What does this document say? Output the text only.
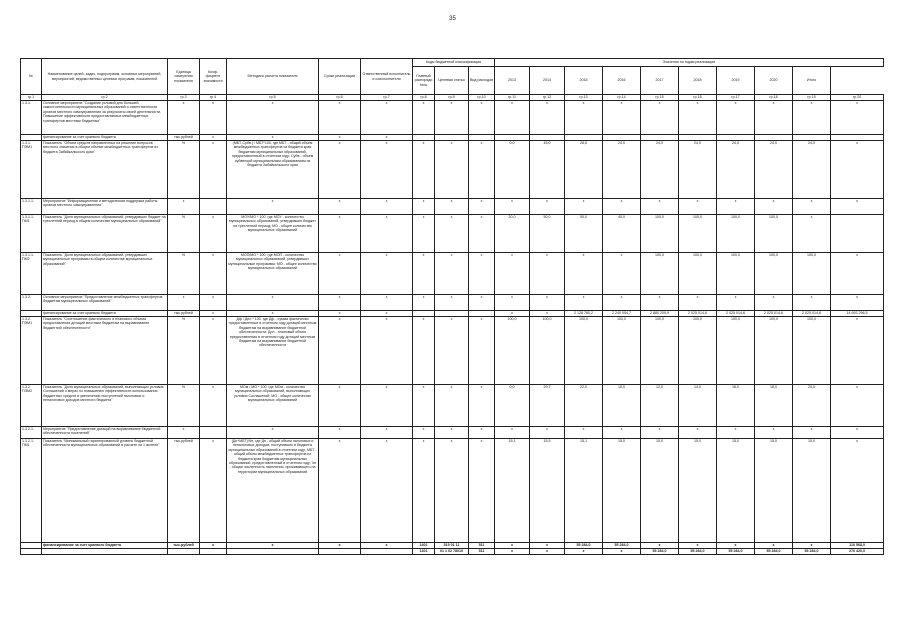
35
№	Наименование целей, задач, подпрограмм, основных мероприятий, мероприятий, ведомственных целевых программ, показателей	Единица измерения показателя	Коэф-фициент значимости	Методика расчета показателя	Сроки реализации	Ответственный исполнитель и соисполнители	Коды бюджетной классификации			Значения по годам реализации									
							Главный распорядитель	Целевая статья	Вид расходов	2013	2014	2015	2016	2017	2018	2019	2020	Итого	
гр.1	гр.2	гр.3	гр.4	гр.5	гр.6	гр.7	гр.8	гр.9	гр.10	гр.11	гр.12	гр.13	гр.14	гр.15	гр.16	гр.17	гр.18	гр.19	гр.20
1.3.1.	Основное мероприятие "Создание условий для большей самостоятельности муниципальных образований и ответственности органов местного самоуправления за результаты своей деятельности. Повышение эффективности предоставляемых межбюджетных трансфертов местным бюджетам"	х	х	х	х	х	х	х	х	х	х	х	х	х	х	х	х	х	х
	финансирование за счет краевого бюджета	тыс.рублей	х	х	х	х													
1.3.1. ПЭМ1	Показатель "Объем средств направленных на решение вопросов местного значения в общем объеме межбюджетных трансфертов из бюджета Забайкальского края"	%	х	(МБТ-Субв.) / МБТ*100, где МБТ - общий объем межбюджетных трансфертов из бюджета края бюджетам муниципальных образований, предоставленный в отчетном году; Субв - объем субвенций муниципальным образованиям из бюджета Забайкальского края	х	х	х	х	х	0,0	45,0	28,6	24,0	24,0	24,0	24,0	24,0	24,0	х
1.3.1.1.	Мероприятие "Информационная и методическая поддержка работы органов местного самоуправления"	х		х	х	х	х	х	х	х	х	х	х	х	х	х	х	х	х
1.3.1.1. ПМ1	Показатель "Доля муниципальных образований, утвердивших бюджет на трехлетний период в общем количестве муниципальных образований"	%	х	МОУ/МО * 100, где МОУ - количество муниципальных образований, утвердивших бюджет на трехлетний период; МО - общее количество муниципальных образований	х	х	х	х	х	20,0	50,0	50,0	40,0	100,0	100,0	100,0	100,0	х	
1.3.1.1. ПМ2	Показатель "Доля муниципальных образований, утвердивших муниципальные программы в общем количестве муниципальных образований"	%	х	МОП/МО * 100, где МОП - количество муниципальных образований, утвердивших муниципальные программы; МО - общее количество муниципальных образований	х	х	х	х	х	х	х	х	х	100,0	100,0	100,0	100,0	100,0	х
1.3.2.	Основное мероприятие "Предоставление межбюджетных трансфертов бюджетам муниципальных образований"	х	х	х	х	х	х	х	х	х	х	х	х	х	х	х	х	х	х
	финансирование за счет краевого бюджета	тыс.рублей	х	х	х	х				х	х	2 128 760,2	2 240 054,7	2 880 209,9	2 025 014,6	2 025 014,6	2 025 014,6	2 025 014,6	14 693 296,5
1.3.2. ПЭМ1	Показатель "Соотношение фактического и планового объема предоставления дотаций местным бюджетам на выравнивание бюджетной обеспеченности"	%	х	Дф / Дпл * 100, где Дф - сумма фактически предоставленных в отчетном году дотаций местным бюджетам на выравнивание бюджетной обеспеченности; Дпл - плановый объем предоставления в отчетном году дотаций местным бюджетам на выравнивание бюджетной обеспеченности	х	х	х	х	х	100,0	100,0	100,0	100,0	100,0	100,0	100,0	100,0	100,0	х
1.3.2. ПЭМ2	Показатель "Доля муниципальных образований, выполняющих условия Соглашений о мерах по повышению эффективности использования бюджетных средств и увеличению поступлений налоговых и неналоговых доходов местного бюджета"	%	х	МОм / МО * 100, где МОм - количество муниципальных образований, выполняющих условия Соглашений; МО - общее количество муниципальных образований	х	х	х	х	х	0,0	29,7	22,0	10,0	12,0	14,0	16,0	18,0	20,0	х
1.3.2.1.	Мероприятие "Предоставление дотаций на выравнивание бюджетной обеспеченности поселений"	х		х	х	х	х	х	х	х	х	х	х	х	х	х	х	х	х
1.3.2.1. ПМ1	Показатель "Минимальный гарантированный уровень бюджетной обеспеченности муниципальных образований в расчете на 1 жителя"	тыс.рублей	х	(Дп+МБТ)/Чн, где Дп - общий объем налоговых и неналоговых доходов, поступивших в бюджеты муниципальных образований в отчетном году; МБТ - общий объем межбюджетных трансфертов из бюджета края бюджетам муниципальных образований, предоставленный в отчетном году; Чн - общая численность населения, проживающего на территории муниципальных образований	х	х	х	х	х	15,1	15,5	15,1	15,0	15,0	15,0	15,0	15,0	15,0	х
	финансирование за счет краевого бюджета	тыс.рублей	х	х	х	х	1401	519 01 11	511	х	х	55 284,0	55 284,0	х	х	х	х	х	110 568,0
							1401	01 1 02 78010	511	х	х	х	х	55 284,0	55 284,0	55 284,0	55 284,0	55 284,0	276 420,0
